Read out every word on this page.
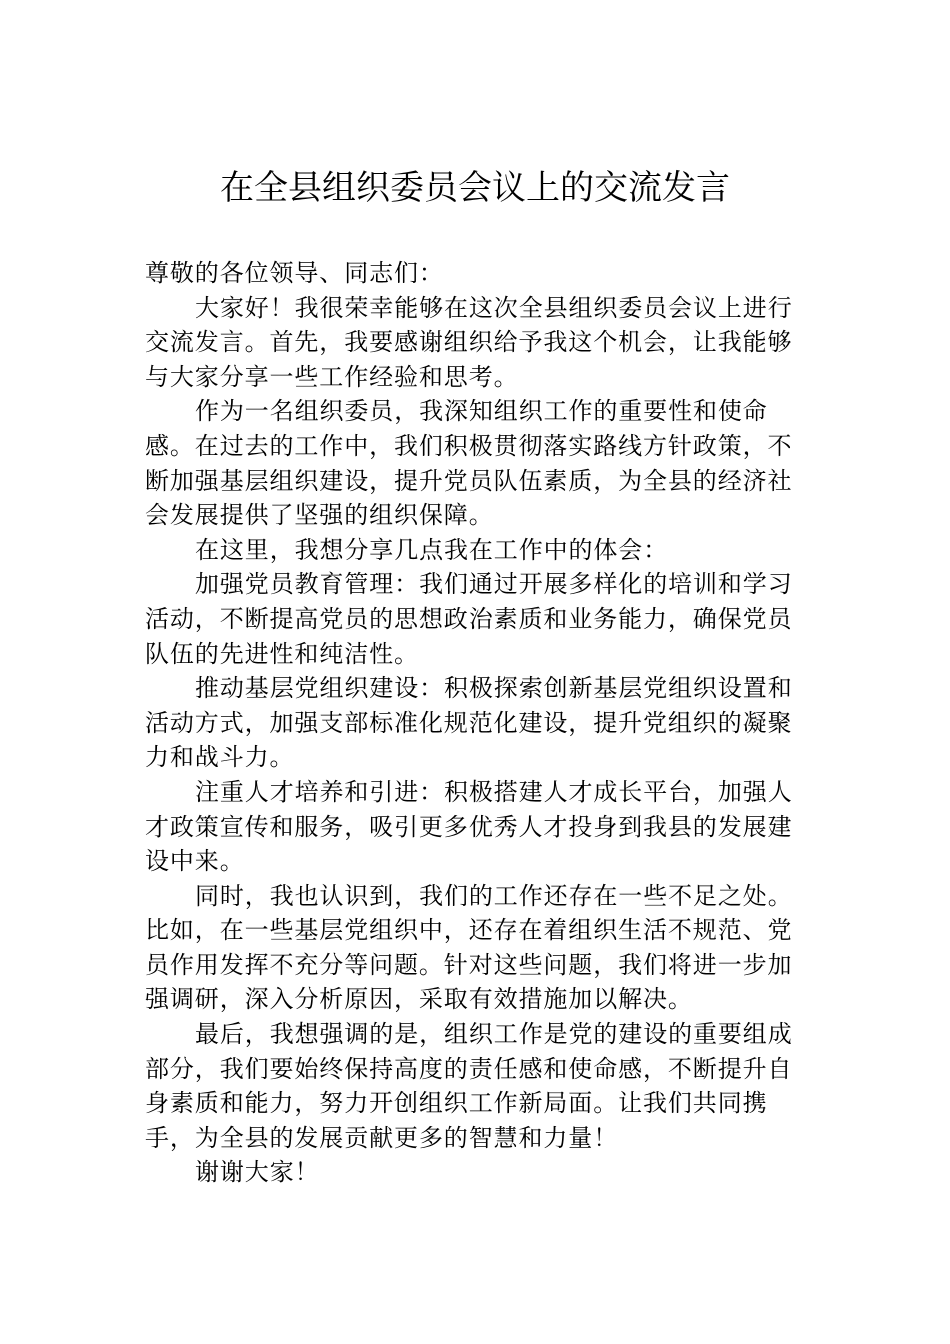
在全县组织委员会议上的交流发言

尊敬的各位领导、同志们：

大家好！我很荣幸能够在这次全县组织委员会议上进行交流发言。首先，我要感谢组织给予我这个机会，让我能够与大家分享一些工作经验和思考。

作为一名组织委员，我深知组织工作的重要性和使命感。在过去的工作中，我们积极贯彻落实路线方针政策，不断加强基层组织建设，提升党员队伍素质，为全县的经济社会发展提供了坚强的组织保障。

在这里，我想分享几点我在工作中的体会：

加强党员教育管理：我们通过开展多样化的培训和学习活动，不断提高党员的思想政治素质和业务能力，确保党员队伍的先进性和纯洁性。

推动基层党组织建设：积极探索创新基层党组织设置和活动方式，加强支部标准化规范化建设，提升党组织的凝聚力和战斗力。

注重人才培养和引进：积极搭建人才成长平台，加强人才政策宣传和服务，吸引更多优秀人才投身到我县的发展建设中来。

同时，我也认识到，我们的工作还存在一些不足之处。比如，在一些基层党组织中，还存在着组织生活不规范、党员作用发挥不充分等问题。针对这些问题，我们将进一步加强调研，深入分析原因，采取有效措施加以解决。

最后，我想强调的是，组织工作是党的建设的重要组成部分，我们要始终保持高度的责任感和使命感，不断提升自身素质和能力，努力开创组织工作新局面。让我们共同携手，为全县的发展贡献更多的智慧和力量！

谢谢大家！
